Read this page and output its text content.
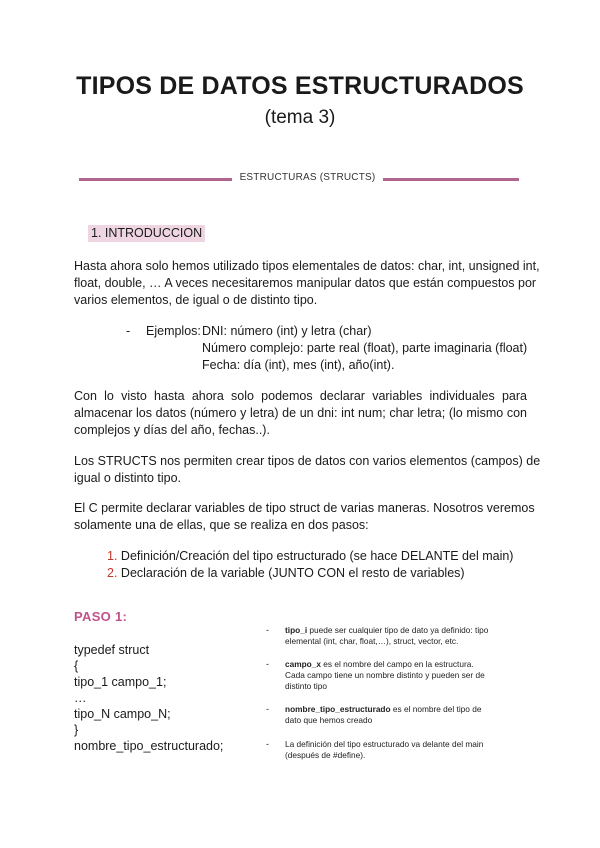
TIPOS DE DATOS ESTRUCTURADOS
(tema 3)
ESTRUCTURAS (STRUCTS)
1. INTRODUCCION
Hasta ahora solo hemos utilizado tipos elementales de datos: char, int, unsigned int,
float, double, … A veces necesitaremos manipular datos que están compuestos por
varios elementos, de igual o de distinto tipo.
- Ejemplos: DNI: número (int) y letra (char)
Número complejo: parte real (float), parte imaginaria (float)
Fecha: día (int), mes (int), año(int).
Con lo visto hasta ahora solo podemos declarar variables individuales para
almacenar los datos (número y letra) de un dni: int num; char letra; (lo mismo con
complejos y días del año, fechas..).
Los STRUCTS nos permiten crear tipos de datos con varios elementos (campos) de
igual o distinto tipo.
El C permite declarar variables de tipo struct de varias maneras. Nosotros veremos
solamente una de ellas, que se realiza en dos pasos:
1. Definición/Creación del tipo estructurado (se hace DELANTE del main)
2. Declaración de la variable (JUNTO CON el resto de variables)
PASO 1:
typedef struct
{
tipo_1 campo_1;
…
tipo_N campo_N;
}
nombre_tipo_estructurado;
- tipo_i puede ser cualquier tipo de dato ya definido: tipo
elemental (int, char, float,…), struct, vector, etc.
- campo_x es el nombre del campo en la estructura.
Cada campo tiene un nombre distinto y pueden ser de
distinto tipo
- nombre_tipo_estructurado es el nombre del tipo de
dato que hemos creado
- La definición del tipo estructurado va delante del main
(después de #define).
